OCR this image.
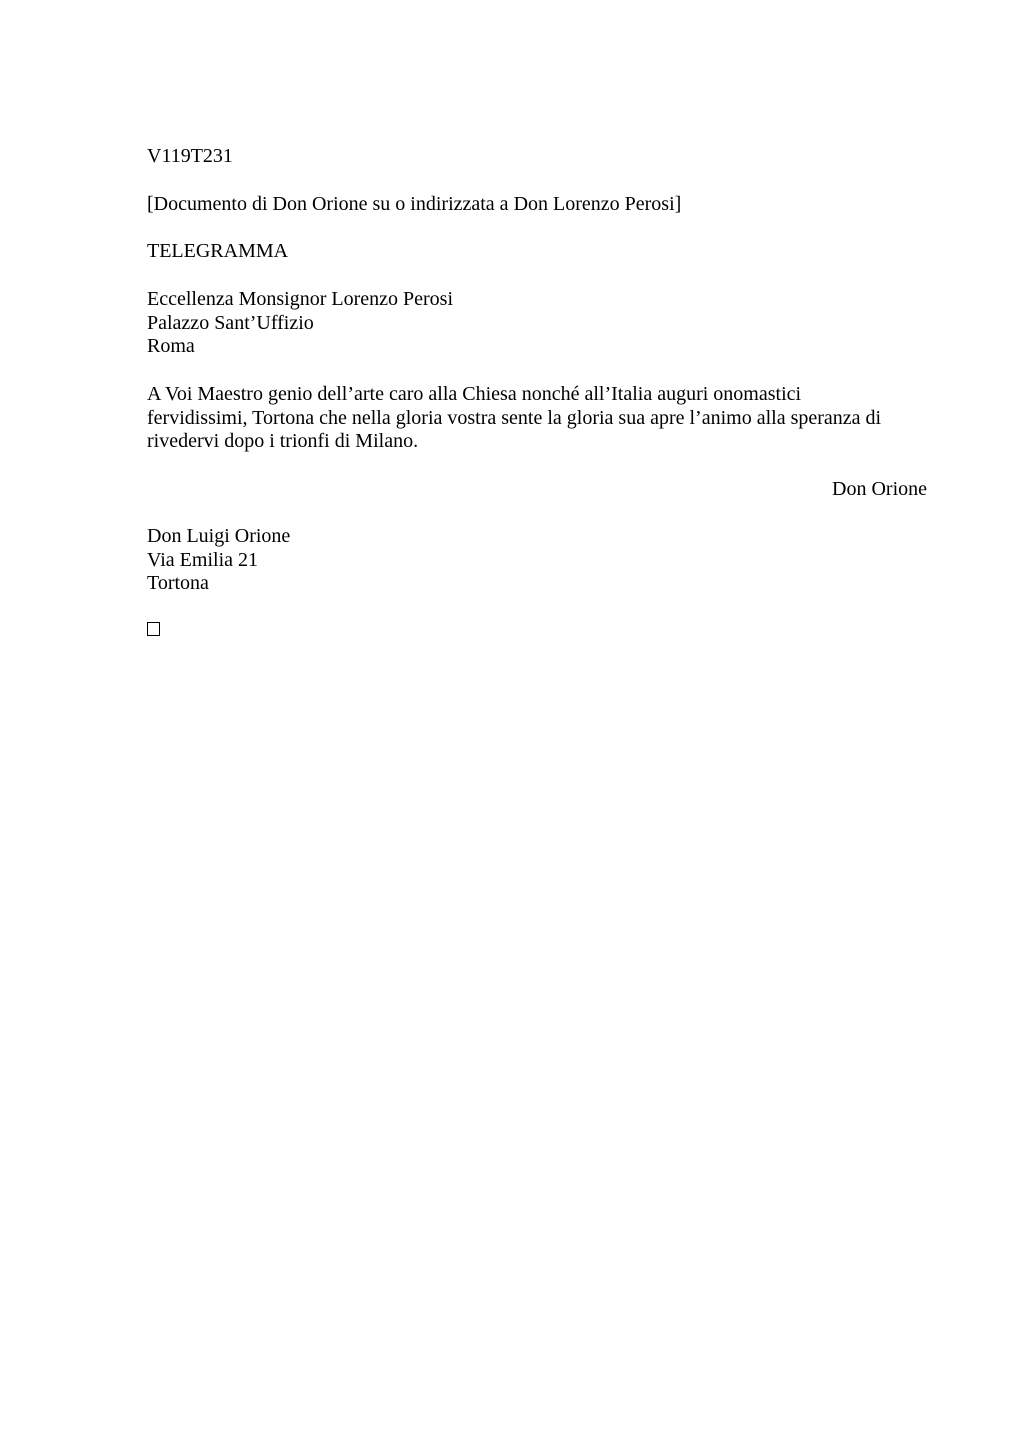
V119T231
[Documento di Don Orione su o indirizzata a Don Lorenzo Perosi]
TELEGRAMMA
Eccellenza Monsignor Lorenzo Perosi
Palazzo Sant’Uffizio
Roma
A Voi Maestro genio dell’arte caro alla Chiesa nonché all’Italia auguri onomastici
fervidissimi, Tortona che nella gloria vostra sente la gloria sua apre l’animo alla speranza di
rivedervi dopo i trionfi di Milano.
Don Orione
Don Luigi Orione
Via Emilia 21
Tortona
